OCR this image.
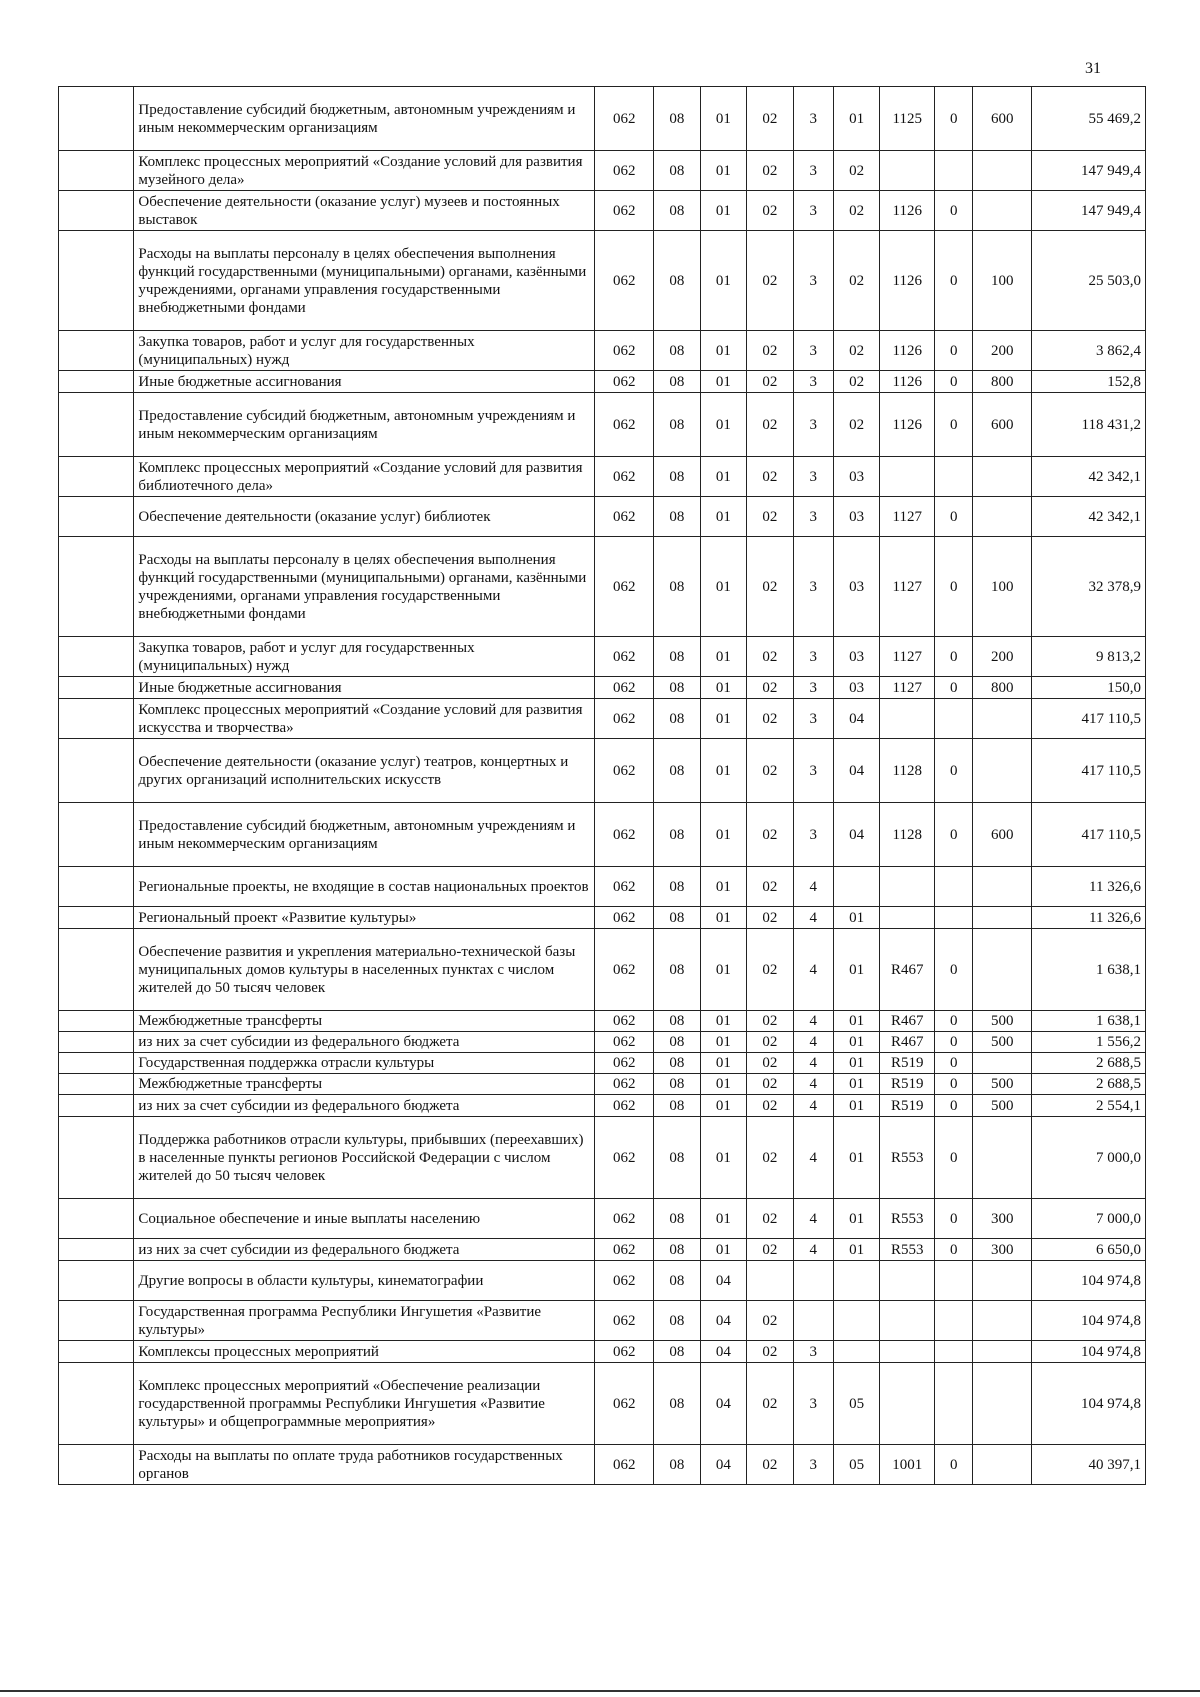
31
	Предоставление субсидий бюджетным, автономным учреждениям и иным некоммерческим организациям	062	08	01	02	3	01	1125	0	600	55 469,2
	Комплекс процессных мероприятий «Создание условий для развития музейного дела»	062	08	01	02	3	02				147 949,4
	Обеспечение деятельности (оказание услуг) музеев и постоянных выставок	062	08	01	02	3	02	1126	0		147 949,4
	Расходы на выплаты персоналу в целях обеспечения выполнения функций государственными (муниципальными) органами, казёнными учреждениями, органами управления государственными внебюджетными фондами	062	08	01	02	3	02	1126	0	100	25 503,0
	Закупка товаров, работ и услуг для государственных (муниципальных) нужд	062	08	01	02	3	02	1126	0	200	3 862,4
	Иные бюджетные ассигнования	062	08	01	02	3	02	1126	0	800	152,8
	Предоставление субсидий бюджетным, автономным учреждениям и иным некоммерческим организациям	062	08	01	02	3	02	1126	0	600	118 431,2
	Комплекс процессных мероприятий «Создание условий для развития библиотечного дела»	062	08	01	02	3	03				42 342,1
	Обеспечение деятельности (оказание услуг) библиотек	062	08	01	02	3	03	1127	0		42 342,1
	Расходы на выплаты персоналу в целях обеспечения выполнения функций государственными (муниципальными) органами, казёнными учреждениями, органами управления государственными внебюджетными фондами	062	08	01	02	3	03	1127	0	100	32 378,9
	Закупка товаров, работ и услуг для государственных (муниципальных) нужд	062	08	01	02	3	03	1127	0	200	9 813,2
	Иные бюджетные ассигнования	062	08	01	02	3	03	1127	0	800	150,0
	Комплекс процессных мероприятий «Создание условий для развития искусства и творчества»	062	08	01	02	3	04				417 110,5
	Обеспечение деятельности (оказание услуг) театров, концертных и других организаций исполнительских искусств	062	08	01	02	3	04	1128	0		417 110,5
	Предоставление субсидий бюджетным, автономным учреждениям и иным некоммерческим организациям	062	08	01	02	3	04	1128	0	600	417 110,5
	Региональные проекты, не входящие в состав национальных проектов	062	08	01	02	4					11 326,6
	Региональный проект «Развитие культуры»	062	08	01	02	4	01				11 326,6
	Обеспечение развития и укрепления материально-технической базы муниципальных домов культуры в населенных пунктах с числом жителей до 50 тысяч человек	062	08	01	02	4	01	R467	0		1 638,1
	Межбюджетные трансферты	062	08	01	02	4	01	R467	0	500	1 638,1
	из них за счет субсидии из федерального бюджета	062	08	01	02	4	01	R467	0	500	1 556,2
	Государственная поддержка отрасли культуры	062	08	01	02	4	01	R519	0		2 688,5
	Межбюджетные трансферты	062	08	01	02	4	01	R519	0	500	2 688,5
	из них за счет субсидии из федерального бюджета	062	08	01	02	4	01	R519	0	500	2 554,1
	Поддержка работников отрасли культуры, прибывших (переехавших) в населенные пункты регионов Российской Федерации с числом жителей до 50 тысяч человек	062	08	01	02	4	01	R553	0		7 000,0
	Социальное обеспечение и иные выплаты населению	062	08	01	02	4	01	R553	0	300	7 000,0
	из них за счет субсидии из федерального бюджета	062	08	01	02	4	01	R553	0	300	6 650,0
	Другие вопросы в области культуры, кинематографии	062	08	04							104 974,8
	Государственная программа Республики Ингушетия «Развитие культуры»	062	08	04	02						104 974,8
	Комплексы процессных мероприятий	062	08	04	02	3					104 974,8
	Комплекс процессных мероприятий «Обеспечение реализации государственной программы Республики Ингушетия «Развитие культуры» и общепрограммные мероприятия»	062	08	04	02	3	05				104 974,8
	Расходы на выплаты по оплате труда работников государственных органов	062	08	04	02	3	05	1001	0		40 397,1
